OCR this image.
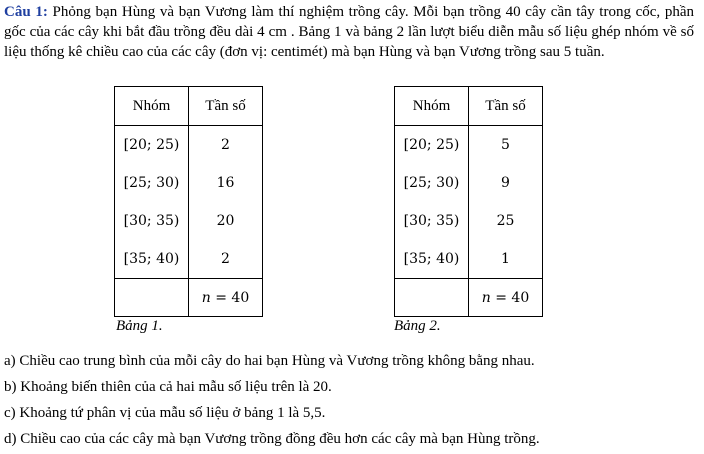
Câu 1: Phỏng bạn Hùng và bạn Vương làm thí nghiệm trồng cây. Mỗi bạn trồng 40 cây cần tây trong cốc, phần gốc của các cây khi bắt đầu trồng đều dài 4 cm . Bảng 1 và bảng 2 lần lượt biểu diễn mẫu số liệu ghép nhóm về số liệu thống kê chiều cao của các cây (đơn vị: centimét) mà bạn Hùng và bạn Vương trồng sau 5 tuần.
Nhóm	Tần số
[20; 25)	2
[25; 30)	16
[30; 35)	20
[35; 40)	2
	n = 40
Bảng 1.
Nhóm	Tần số
[20; 25)	5
[25; 30)	9
[30; 35)	25
[35; 40)	1
	n = 40
Bảng 2.
a) Chiều cao trung bình của mỗi cây do hai bạn Hùng và Vương trồng không bằng nhau.
b) Khoảng biến thiên của cả hai mẫu số liệu trên là 20.
c) Khoảng tứ phân vị của mẫu số liệu ở bảng 1 là 5,5.
d) Chiều cao của các cây mà bạn Vương trồng đồng đều hơn các cây mà bạn Hùng trồng.
